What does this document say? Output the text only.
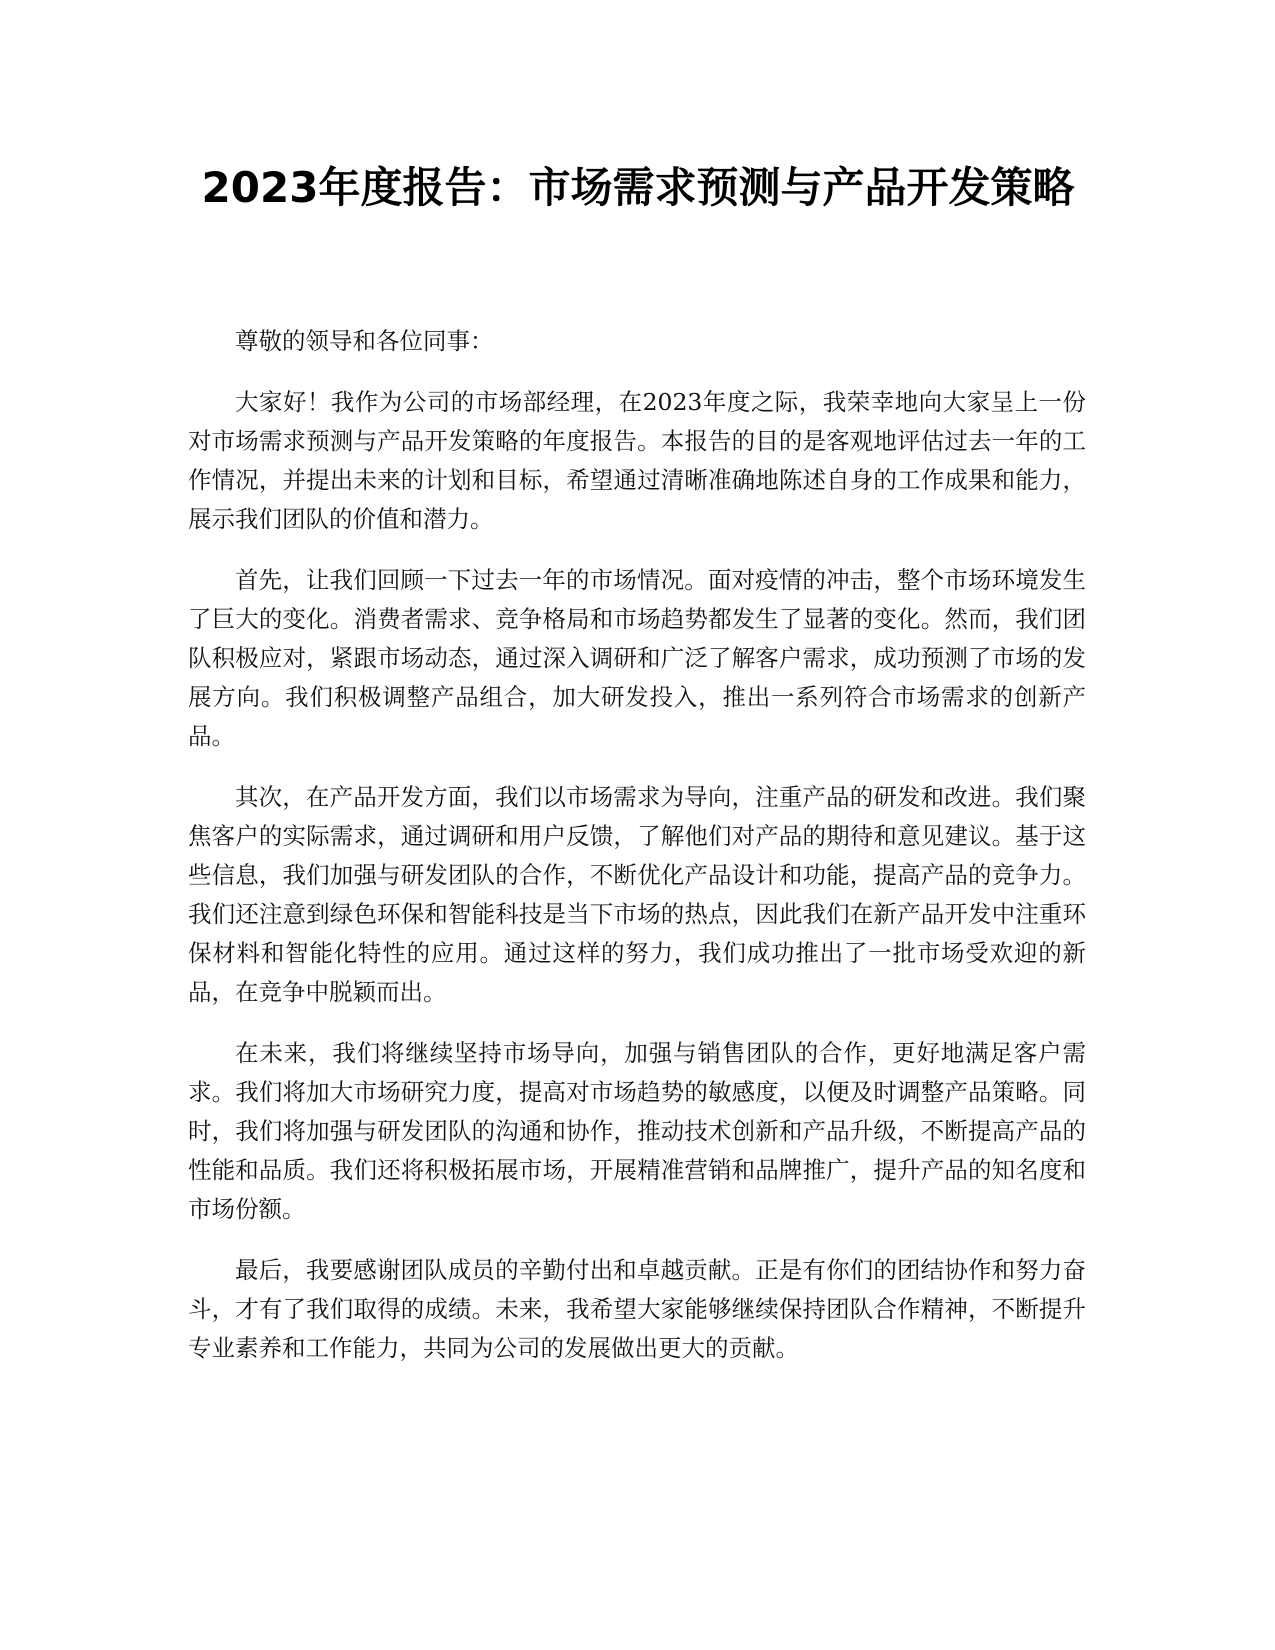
2023年度报告：市场需求预测与产品开发策略

尊敬的领导和各位同事：

大家好！我作为公司的市场部经理，在2023年度之际，我荣幸地向大家呈上一份对市场需求预测与产品开发策略的年度报告。本报告的目的是客观地评估过去一年的工作情况，并提出未来的计划和目标，希望通过清晰准确地陈述自身的工作成果和能力，展示我们团队的价值和潜力。

首先，让我们回顾一下过去一年的市场情况。面对疫情的冲击，整个市场环境发生了巨大的变化。消费者需求、竞争格局和市场趋势都发生了显著的变化。然而，我们团队积极应对，紧跟市场动态，通过深入调研和广泛了解客户需求，成功预测了市场的发展方向。我们积极调整产品组合，加大研发投入，推出一系列符合市场需求的创新产品。

其次，在产品开发方面，我们以市场需求为导向，注重产品的研发和改进。我们聚焦客户的实际需求，通过调研和用户反馈，了解他们对产品的期待和意见建议。基于这些信息，我们加强与研发团队的合作，不断优化产品设计和功能，提高产品的竞争力。我们还注意到绿色环保和智能科技是当下市场的热点，因此我们在新产品开发中注重环保材料和智能化特性的应用。通过这样的努力，我们成功推出了一批市场受欢迎的新品，在竞争中脱颖而出。

在未来，我们将继续坚持市场导向，加强与销售团队的合作，更好地满足客户需求。我们将加大市场研究力度，提高对市场趋势的敏感度，以便及时调整产品策略。同时，我们将加强与研发团队的沟通和协作，推动技术创新和产品升级，不断提高产品的性能和品质。我们还将积极拓展市场，开展精准营销和品牌推广，提升产品的知名度和市场份额。

最后，我要感谢团队成员的辛勤付出和卓越贡献。正是有你们的团结协作和努力奋斗，才有了我们取得的成绩。未来，我希望大家能够继续保持团队合作精神，不断提升专业素养和工作能力，共同为公司的发展做出更大的贡献。
